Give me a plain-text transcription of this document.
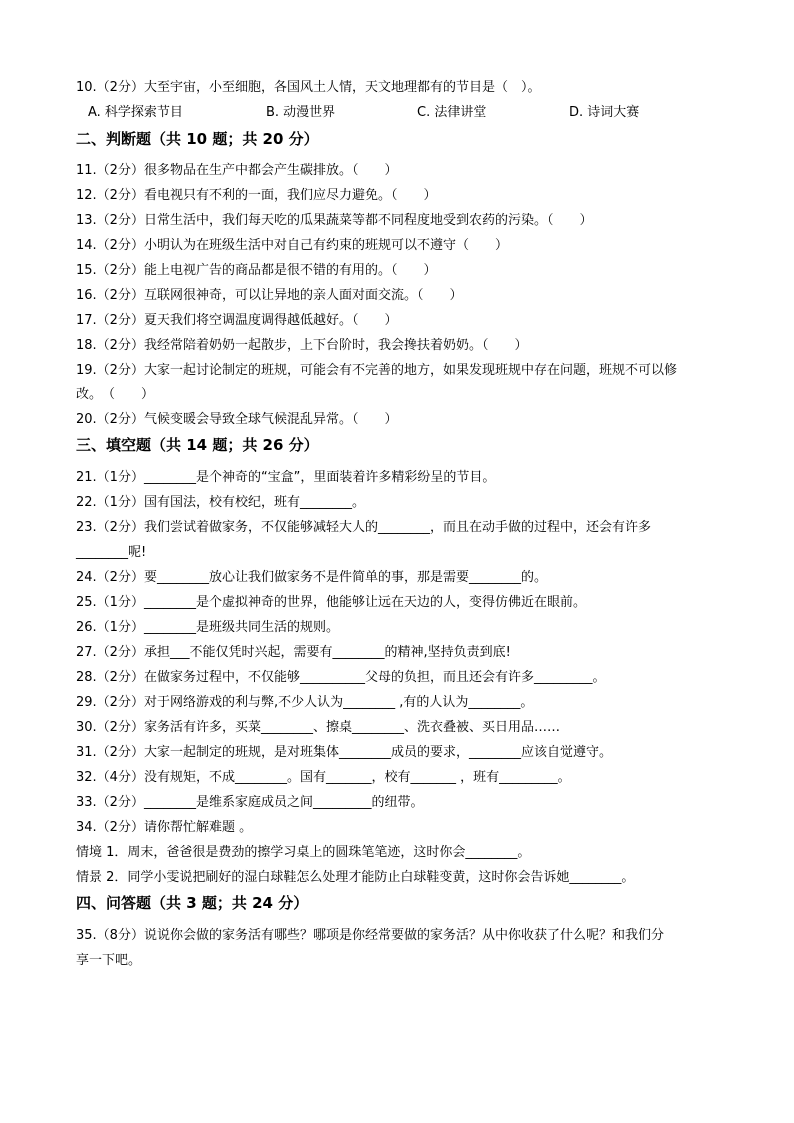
10.（2分）大至宇宙，小至细胞，各国风土人情，天文地理都有的节目是（　）。
A. 科学探索节目	B. 动漫世界	C. 法律讲堂	D. 诗词大赛
二、判断题（共 10 题；共 20 分）
11.（2分）很多物品在生产中都会产生碳排放。（　　）
12.（2分）看电视只有不利的一面，我们应尽力避免。（　　）
13.（2分）日常生活中，我们每天吃的瓜果蔬菜等都不同程度地受到农药的污染。（　　）
14.（2分）小明认为在班级生活中对自己有约束的班规可以不遵守（　　）
15.（2分）能上电视广告的商品都是很不错的有用的。（　　）
16.（2分）互联网很神奇，可以让异地的亲人面对面交流。（　　）
17.（2分）夏天我们将空调温度调得越低越好。（　　）
18.（2分）我经常陪着奶奶一起散步，上下台阶时，我会搀扶着奶奶。（　　）
19.（2分）大家一起讨论制定的班规，可能会有不完善的地方，如果发现班规中存在问题，班规不可以修
改。　（　　）
20.（2分）气候变暖会导致全球气候混乱异常。（　　）
三、填空题（共 14 题；共 26 分）
21.（1分）________是个神奇的“宝盒”，里面装着许多精彩纷呈的节目。
22.（1分）国有国法，校有校纪，班有________。
23.（2分）我们尝试着做家务，不仅能够减轻大人的________，而且在动手做的过程中，还会有许多
________呢!
24.（2分）要________放心让我们做家务不是件简单的事，那是需要________的。
25.（1分）________是个虚拟神奇的世界，他能够让远在天边的人，变得仿佛近在眼前。
26.（1分）________是班级共同生活的规则。
27.（2分）承担___不能仅凭时兴起，需要有________的精神,坚持负责到底!
28.（2分）在做家务过程中，不仅能够__________父母的负担，而且还会有许多_________。
29.（2分）对于网络游戏的利与弊,不少人认为________ ,有的人认为________。
30.（2分）家务活有许多，买菜________、擦桌________、洗衣叠被、买日用品……
31.（2分）大家一起制定的班规，是对班集体________成员的要求，________应该自觉遵守。
32.（4分）没有规矩，不成________。国有_______，校有_______ ，班有_________。
33.（2分）________是维系家庭成员之间_________的纽带。
34.（2分）请你帮忙解难题 。
情境 1．周末，爸爸很是费劲的擦学习桌上的圆珠笔笔迹，这时你会________。
情景 2．同学小雯说把刷好的湿白球鞋怎么处理才能防止白球鞋变黄，这时你会告诉她________。
四、问答题（共 3 题；共 24 分）
35.（8分）说说你会做的家务活有哪些？哪项是你经常要做的家务活？从中你收获了什么呢？和我们分
享一下吧。
